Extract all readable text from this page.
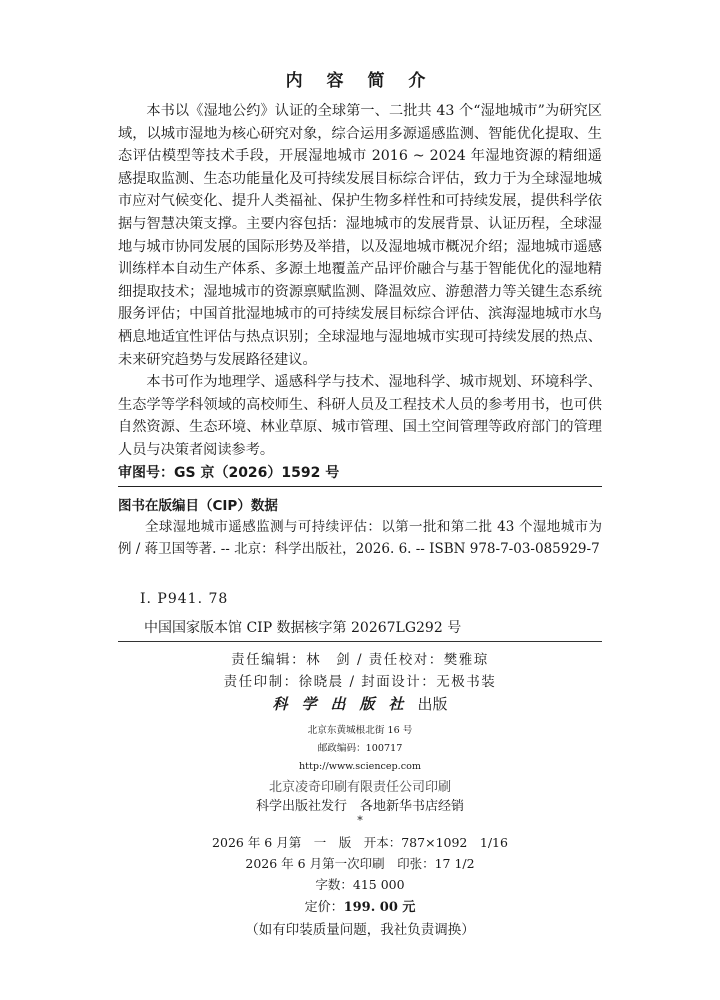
内 容 简 介

本书以《湿地公约》认证的全球第一、二批共 43 个“湿地城市”为研究区域，以城市湿地为核心研究对象，综合运用多源遥感监测、智能优化提取、生态评估模型等技术手段，开展湿地城市 2016 ~ 2024 年湿地资源的精细遥感提取监测、生态功能量化及可持续发展目标综合评估，致力于为全球湿地城市应对气候变化、提升人类福祉、保护生物多样性和可持续发展，提供科学依据与智慧决策支撑。主要内容包括：湿地城市的发展背景、认证历程，全球湿地与城市协同发展的国际形势及举措，以及湿地城市概况介绍；湿地城市遥感训练样本自动生产体系、多源土地覆盖产品评价融合与基于智能优化的湿地精细提取技术；湿地城市的资源禀赋监测、降温效应、游憩潜力等关键生态系统服务评估；中国首批湿地城市的可持续发展目标综合评估、滨海湿地城市水鸟栖息地适宜性评估与热点识别；全球湿地与湿地城市实现可持续发展的热点、未来研究趋势与发展路径建议。

本书可作为地理学、遥感科学与技术、湿地科学、城市规划、环境科学、生态学等学科领域的高校师生、科研人员及工程技术人员的参考用书，也可供自然资源、生态环境、林业草原、城市管理、国土空间管理等政府部门的管理人员与决策者阅读参考。

审图号：GS 京（2026）1592 号
图书在版编目（CIP）数据

全球湿地城市遥感监测与可持续评估：以第一批和第二批 43 个湿地城市为例 / 蒋卫国等著. -- 北京：科学出版社，2026. 6. -- ISBN 978-7-03-085929-7

Ⅰ. P941. 78
中国国家版本馆 CIP 数据核字第 20267LG292 号
责任编辑：林　剑 / 责任校对：樊雅琼
责任印制：徐晓晨 / 封面设计：无极书装
科学出版社出版
北京东黄城根北街 16 号
邮政编码：100717
http://www.sciencep.com
北京凌奇印刷有限责任公司印刷
科学出版社发行　各地新华书店经销
*
2026 年 6 月第　一　版　开本：787×1092　1/16
2026 年 6 月第一次印刷　印张：17 1/2
字数：415 000
定价：199. 00 元
（如有印装质量问题，我社负责调换）
